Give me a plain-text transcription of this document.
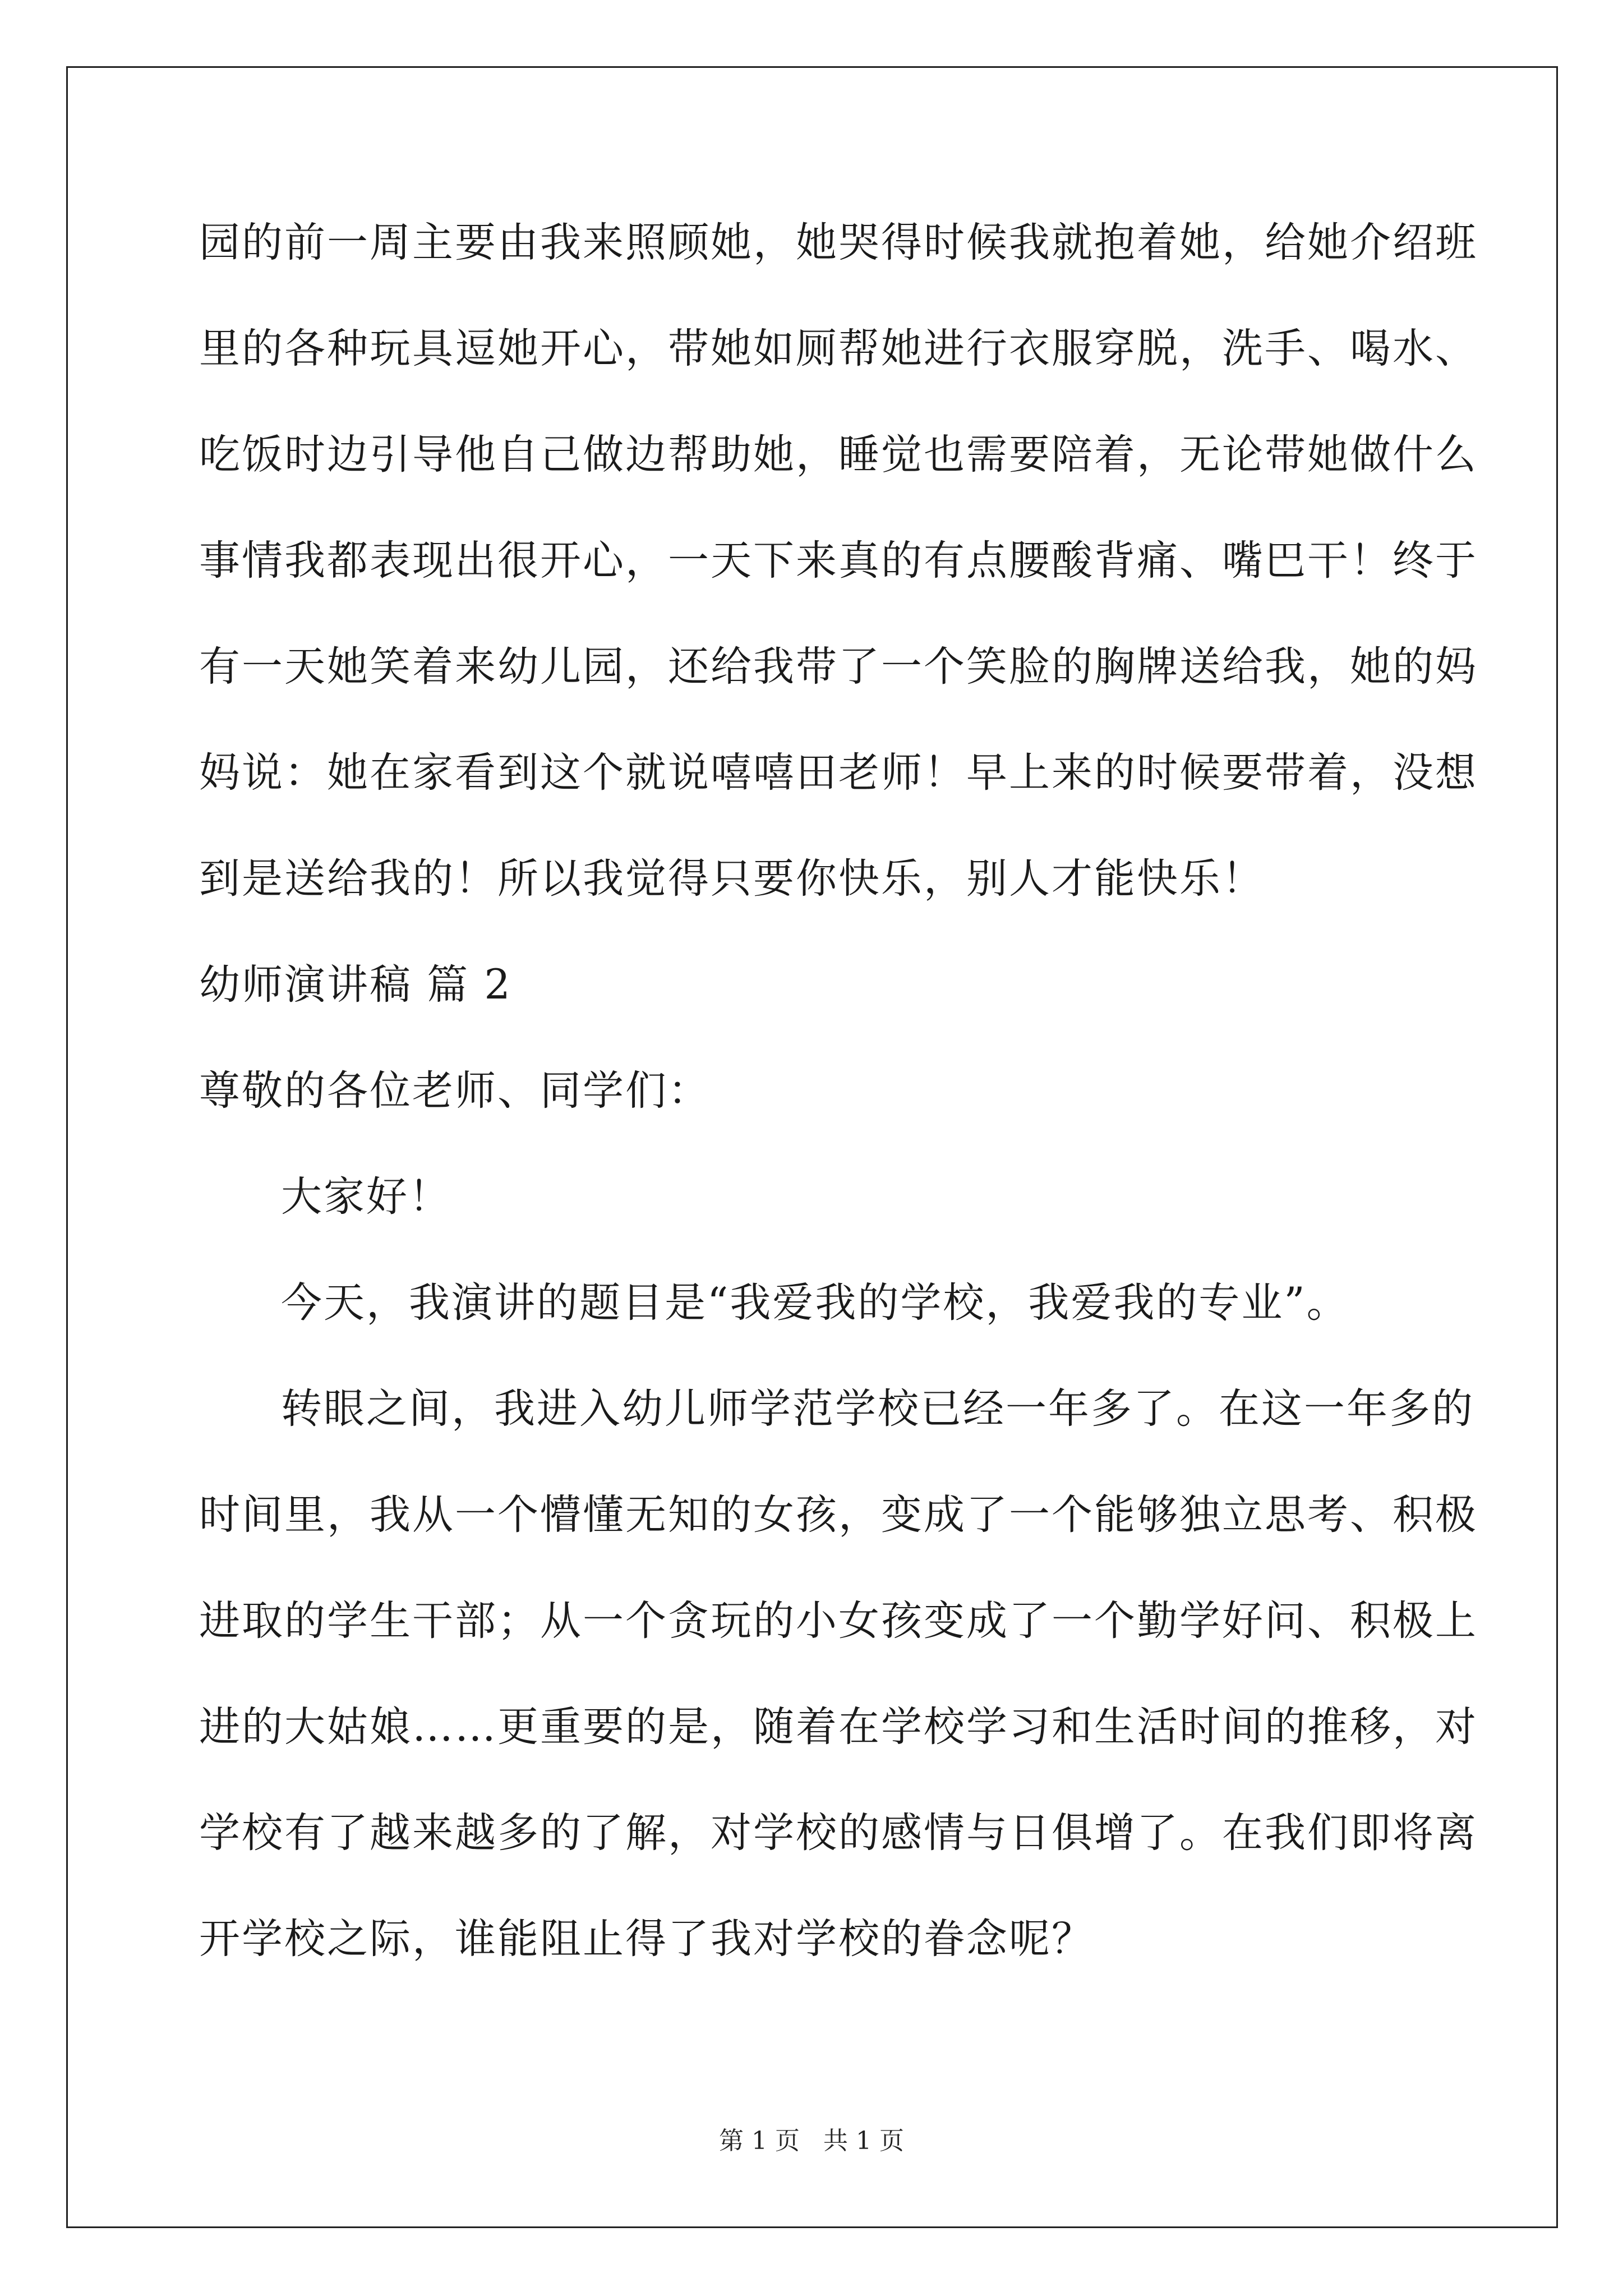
园的前一周主要由我来照顾她，她哭得时候我就抱着她，给她介绍班
里的各种玩具逗她开心，带她如厕帮她进行衣服穿脱，洗手、喝水、
吃饭时边引导他自己做边帮助她，睡觉也需要陪着，无论带她做什么
事情我都表现出很开心，一天下来真的有点腰酸背痛、嘴巴干！终于
有一天她笑着来幼儿园，还给我带了一个笑脸的胸牌送给我，她的妈
妈说：她在家看到这个就说嘻嘻田老师！早上来的时候要带着，没想
到是送给我的！所以我觉得只要你快乐，别人才能快乐！
幼师演讲稿 篇 2
尊敬的各位老师、同学们：
大家好！
今天，我演讲的题目是“我爱我的学校，我爱我的专业”。
转眼之间，我进入幼儿师学范学校已经一年多了。在这一年多的
时间里，我从一个懵懂无知的女孩，变成了一个能够独立思考、积极
进取的学生干部；从一个贪玩的小女孩变成了一个勤学好问、积极上
进的大姑娘……更重要的是，随着在学校学习和生活时间的推移，对
学校有了越来越多的了解，对学校的感情与日俱增了。在我们即将离
开学校之际，谁能阻止得了我对学校的眷念呢？
第 1 页 共 1 页
